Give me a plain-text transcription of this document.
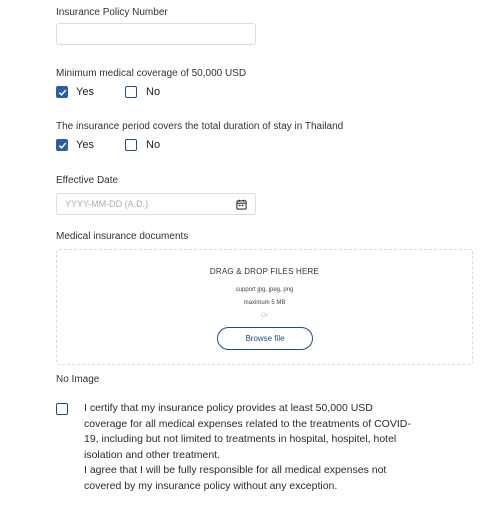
Insurance Policy Number
Minimum medical coverage of 50,000 USD
Yes	No
The insurance period covers the total duration of stay in Thailand
Yes	No
Effective Date
YYYY-MM-DD (A.D.)
Medical insurance documents
DRAG & DROP FILES HERE
support jpg, jpeg, png
maximum 5 MB
Or
Browse file
No Image
I certify that my insurance policy provides at least 50,000 USD
coverage for all medical expenses related to the treatments of COVID-
19, including but not limited to treatments in hospital, hospitel, hotel
isolation and other treatment.
I agree that I will be fully responsible for all medical expenses not
covered by my insurance policy without any exception.
